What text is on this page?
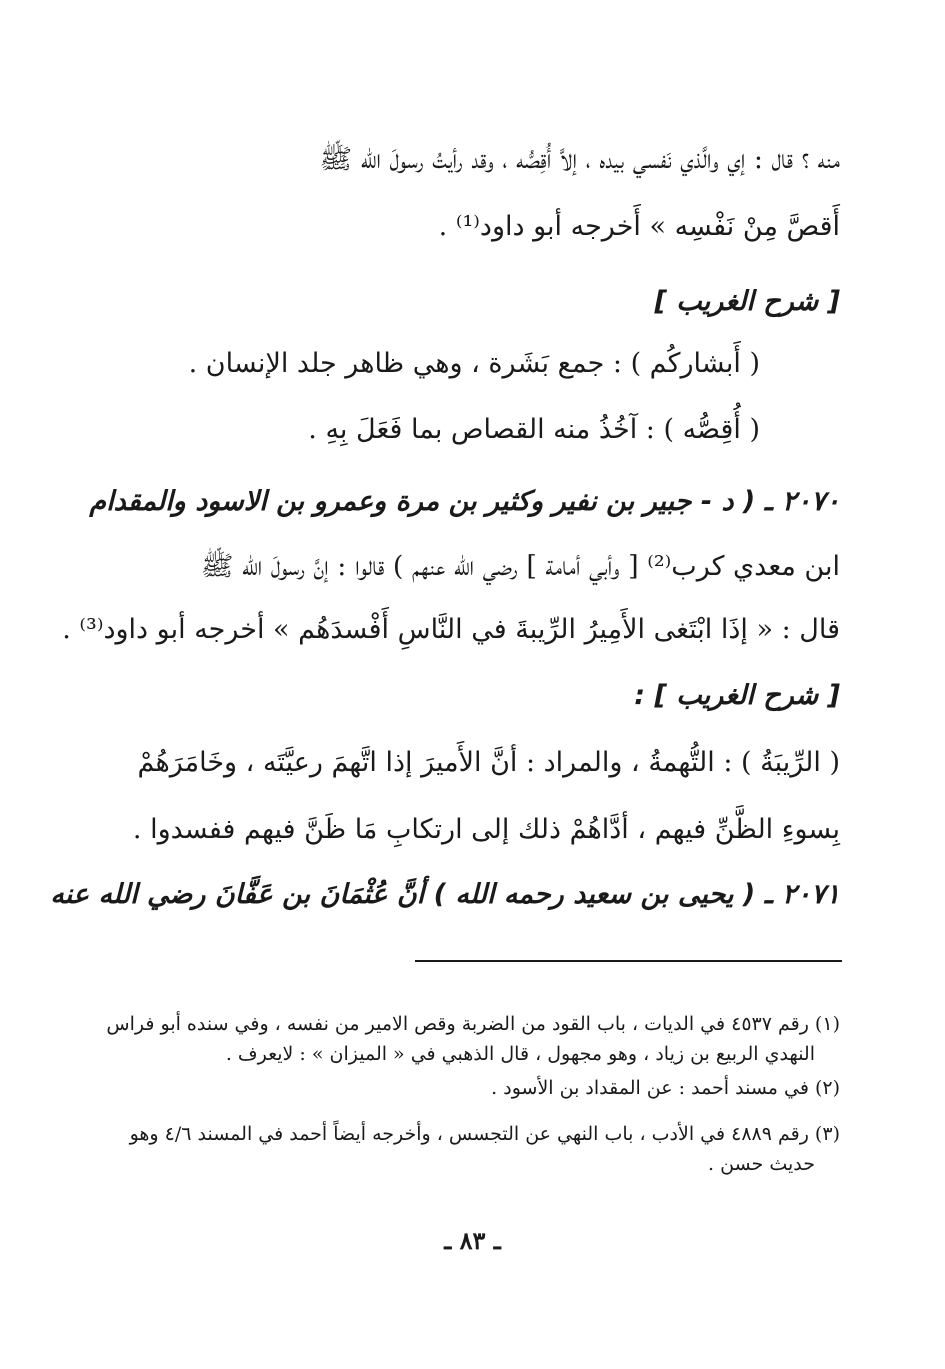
منه ؟ قال : إي والَّذي نَفسي بيده ، إلاَّ أُقِصُّه ، وقد رأيتُ رسولَ الله ﷺ
أَقصَّ مِنْ نَفْسِه » أَخرجه أبو داود⁽¹⁾ .
[ شرح الغريب ]
( أَبشاركُم ) : جمع بَشَرة ، وهي ظاهر جلد الإنسان .
( أُقِصُّه ) : آخُذُ منه القصاص بما فَعَلَ بِهِ .
٢٠٧٠ ـ ( د - جبير بن نفير وكثير بن مرة وعمرو بن الاسود والمقدام
ابن معدي كرب⁽²⁾ [ وأبي أمامة ] رضي الله عنهم ) قالوا : إنَّ رسولَ الله ﷺ
قال : « إذَا ابْتَغى الأَمِيرُ الرِّيبةَ في النَّاسِ أَفْسدَهُم » أخرجه أبو داود⁽³⁾ .
[ شرح الغريب ] :
( الرِّيبَةُ ) : التُّهمةُ ، والمراد : أنَّ الأَميرَ إذا اتَّهمَ رعيَّتَه ، وخَامَرَهُمْ
بِسوءِ الظَّنِّ فيهم ، أدَّاهُمْ ذلك إلى ارتكابِ مَا ظَنَّ فيهم ففسدوا .
٢٠٧١ ـ ( يحيى بن سعيد رحمه الله ) أنَّ عُثْمَانَ بن عَفَّانَ رضي الله عنه
(١) رقم ٤٥٣٧ في الديات ، باب القود من الضربة وقص الامير من نفسه ، وفي سنده أبو فراس
النهدي الربيع بن زياد ، وهو مجهول ، قال الذهبي في « الميزان » : لايعرف .
(٢) في مسند أحمد : عن المقداد بن الأسود .
(٣) رقم ٤٨٨٩ في الأدب ، باب النهي عن التجسس ، وأخرجه أيضاً أحمد في المسند ٤/٦ وهو
حديث حسن .
ـ ٨٣ ـ
